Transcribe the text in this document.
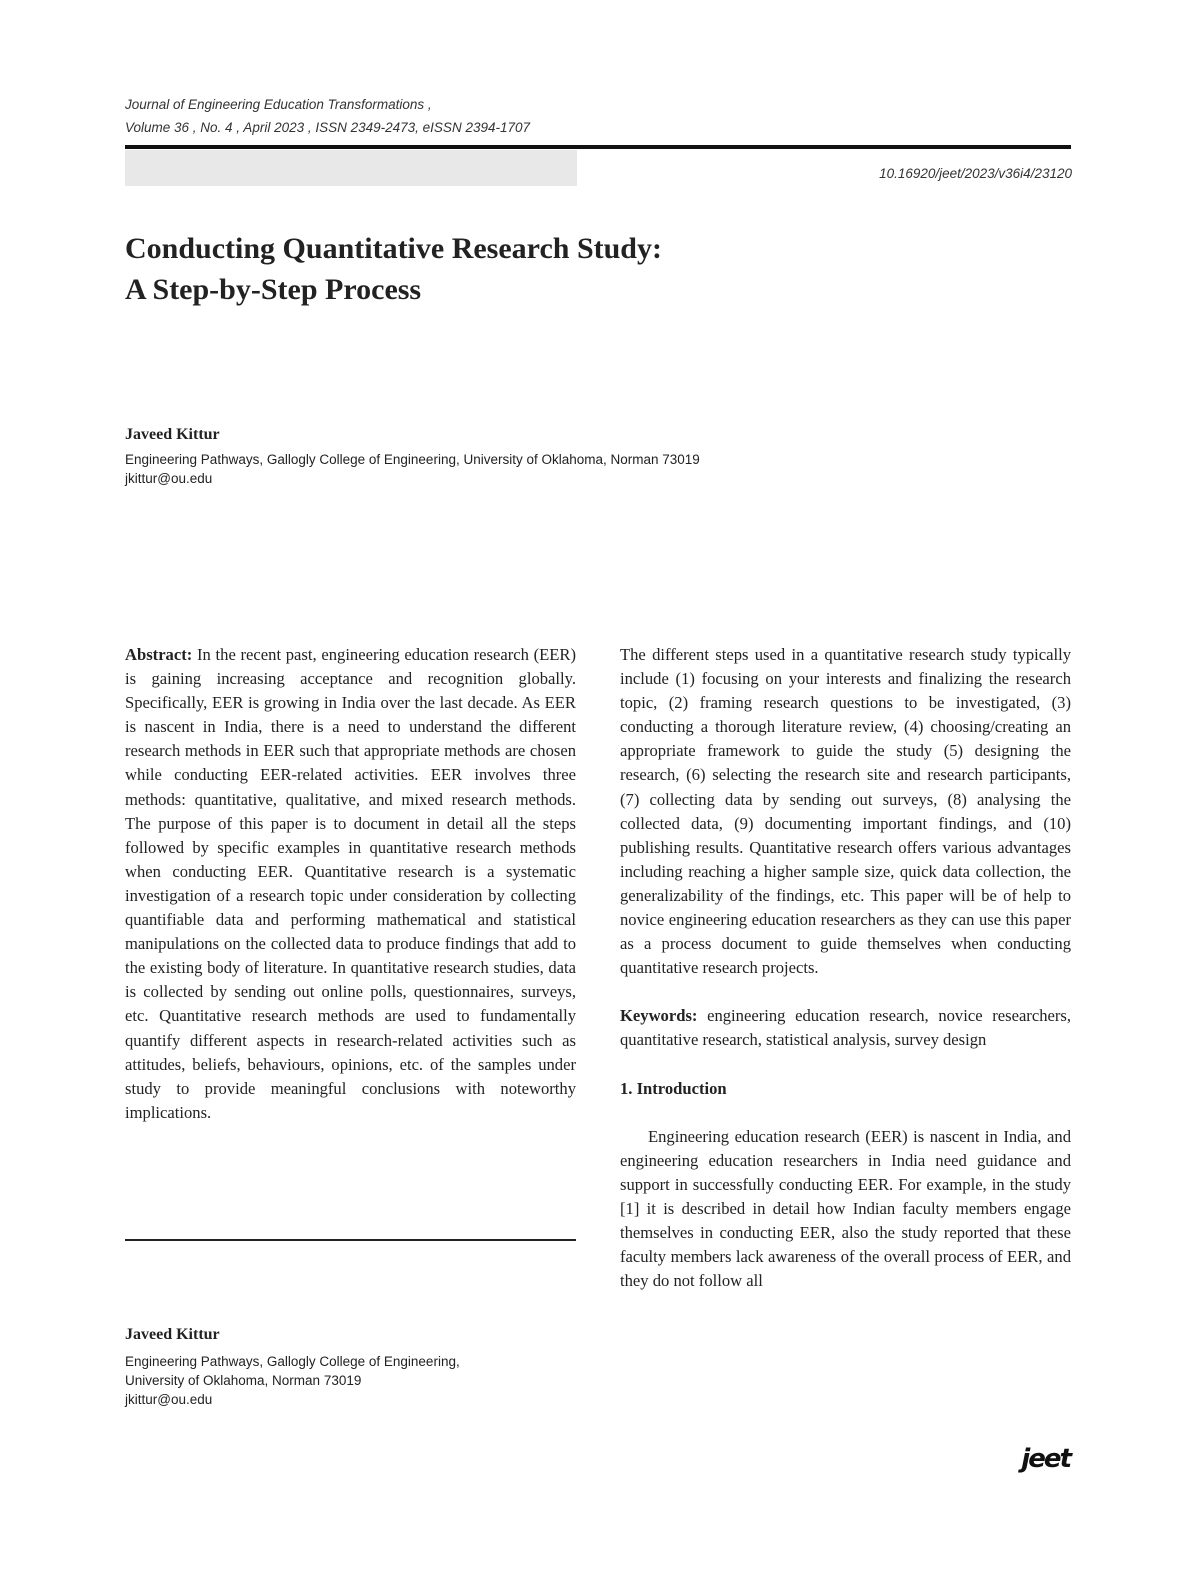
Journal of Engineering Education Transformations ,
Volume 36 , No. 4 , April 2023 , ISSN 2349-2473, eISSN 2394-1707
10.16920/jeet/2023/v36i4/23120
Conducting Quantitative Research Study:
A Step-by-Step Process
Javeed Kittur
Engineering Pathways, Gallogly College of Engineering, University of Oklahoma, Norman 73019
jkittur@ou.edu

Abstract: In the recent past, engineering education research (EER) is gaining increasing acceptance and recognition globally. Specifically, EER is growing in India over the last decade. As EER is nascent in India, there is a need to understand the different research methods in EER such that appropriate methods are chosen while conducting EER-related activities. EER involves three methods: quantitative, qualitative, and mixed research methods. The purpose of this paper is to document in detail all the steps followed by specific examples in quantitative research methods when conducting EER. Quantitative research is a systematic investigation of a research topic under consideration by collecting quantifiable data and performing mathematical and statistical manipulations on the collected data to produce findings that add to the existing body of literature. In quantitative research studies, data is collected by sending out online polls, questionnaires, surveys, etc. Quantitative research methods are used to fundamentally quantify different aspects in research-related activities such as attitudes, beliefs, behaviours, opinions, etc. of the samples under study to provide meaningful conclusions with noteworthy implications.

The different steps used in a quantitative research study typically include (1) focusing on your interests and finalizing the research topic, (2) framing research questions to be investigated, (3) conducting a thorough literature review, (4) choosing/creating an appropriate framework to guide the study (5) designing the research, (6) selecting the research site and research participants, (7) collecting data by sending out surveys, (8) analysing the collected data, (9) documenting important findings, and (10) publishing results. Quantitative research offers various advantages including reaching a higher sample size, quick data collection, the generalizability of the findings, etc. This paper will be of help to novice engineering education researchers as they can use this paper as a process document to guide themselves when conducting quantitative research projects.

Keywords: engineering education research, novice researchers, quantitative research, statistical analysis, survey design

1. Introduction

Engineering education research (EER) is nascent in India, and engineering education researchers in India need guidance and support in successfully conducting EER. For example, in the study [1] it is described in detail how Indian faculty members engage themselves in conducting EER, also the study reported that these faculty members lack awareness of the overall process of EER, and they do not follow all

Javeed Kittur
Engineering Pathways, Gallogly College of Engineering,
University of Oklahoma, Norman 73019
jkittur@ou.edu
jeet
